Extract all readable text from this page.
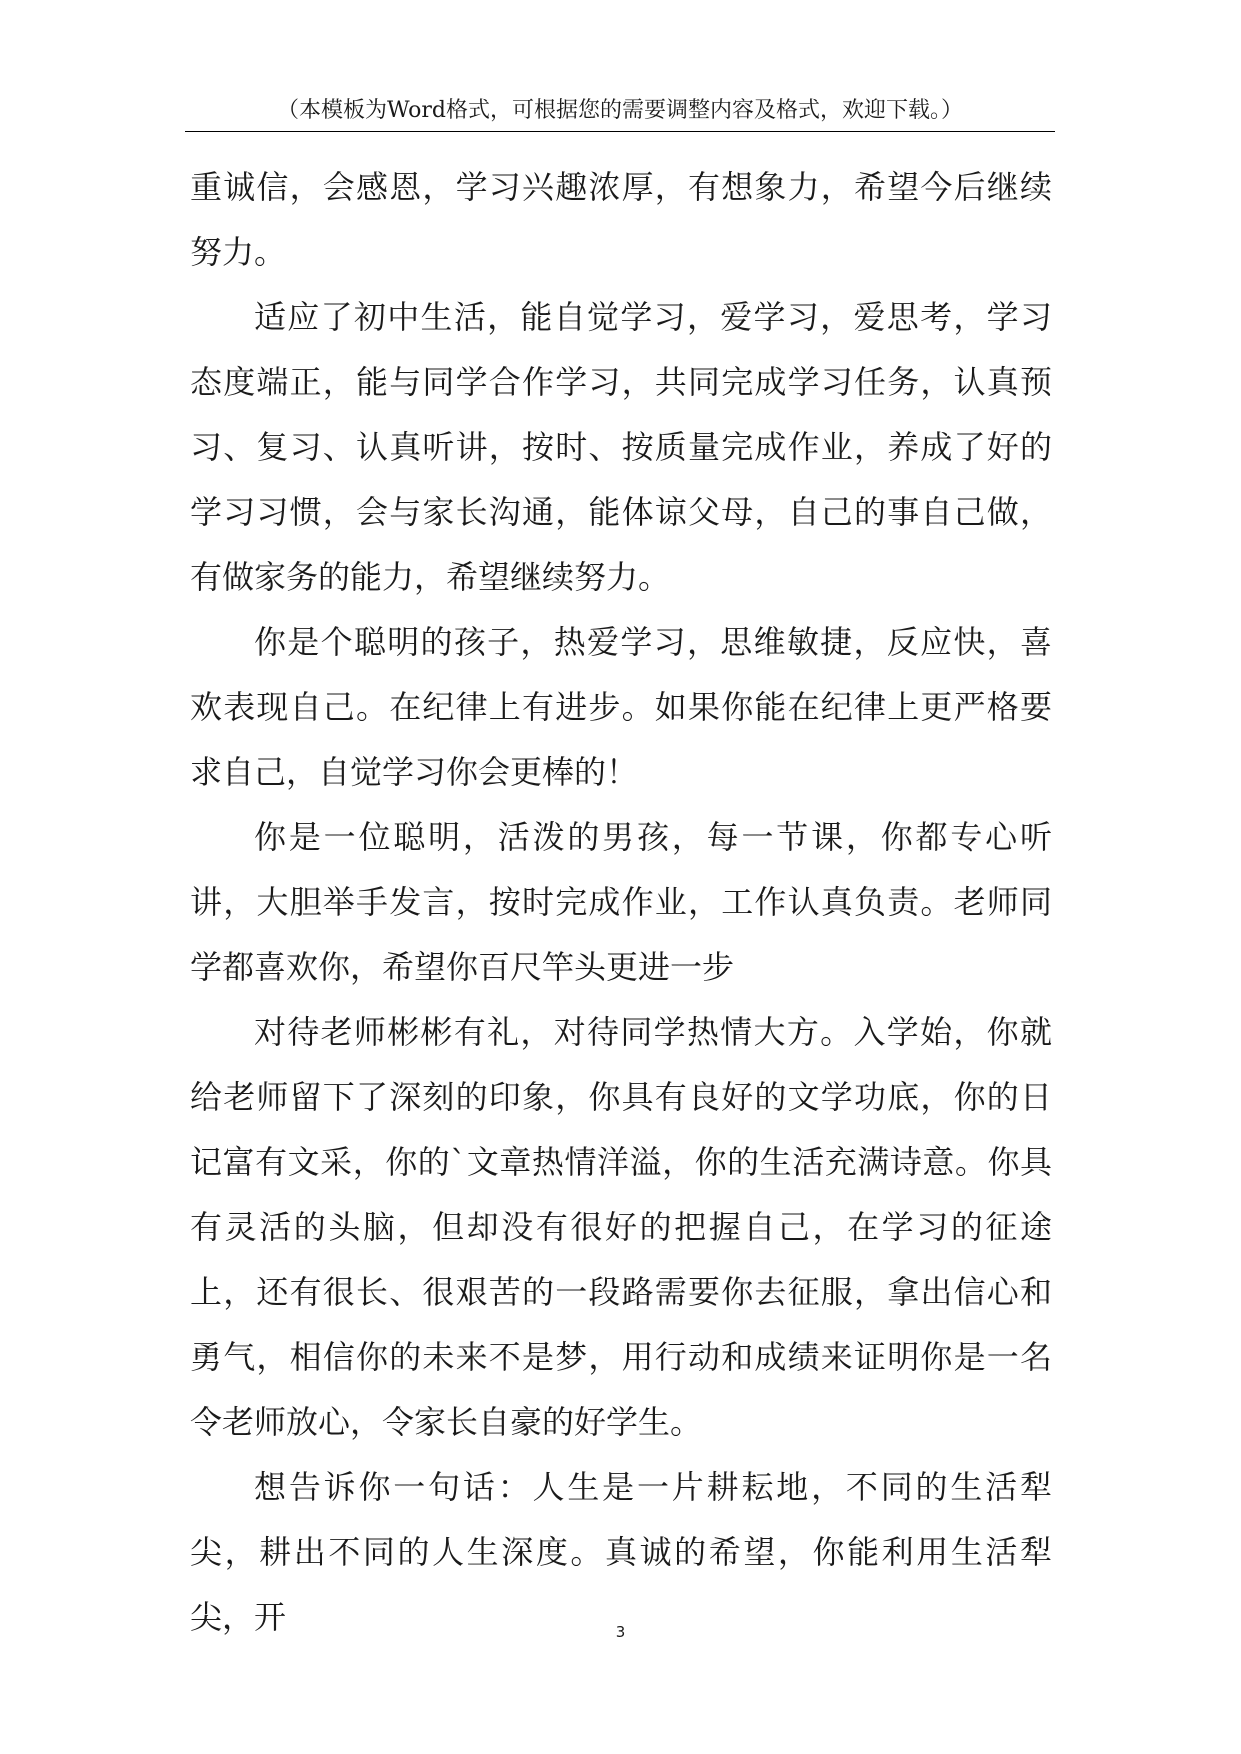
（本模板为Word格式，可根据您的需要调整内容及格式，欢迎下载。）

重诚信，会感恩，学习兴趣浓厚，有想象力，希望今后继续努力。

适应了初中生活，能自觉学习，爱学习，爱思考，学习态度端正，能与同学合作学习，共同完成学习任务，认真预习、复习、认真听讲，按时、按质量完成作业，养成了好的学习习惯，会与家长沟通，能体谅父母，自己的事自己做，有做家务的能力，希望继续努力。

你是个聪明的孩子，热爱学习，思维敏捷，反应快，喜欢表现自己。在纪律上有进步。如果你能在纪律上更严格要求自己，自觉学习你会更棒的！

你是一位聪明，活泼的男孩，每一节课，你都专心听讲，大胆举手发言，按时完成作业，工作认真负责。老师同学都喜欢你，希望你百尺竿头更进一步

对待老师彬彬有礼，对待同学热情大方。入学始，你就给老师留下了深刻的印象，你具有良好的文学功底，你的日记富有文采，你的`文章热情洋溢，你的生活充满诗意。你具有灵活的头脑，但却没有很好的把握自己，在学习的征途上，还有很长、很艰苦的一段路需要你去征服，拿出信心和勇气，相信你的未来不是梦，用行动和成绩来证明你是一名令老师放心，令家长自豪的好学生。

想告诉你一句话：人生是一片耕耘地，不同的生活犁尖，耕出不同的人生深度。真诚的希望，你能利用生活犁尖，开	3
